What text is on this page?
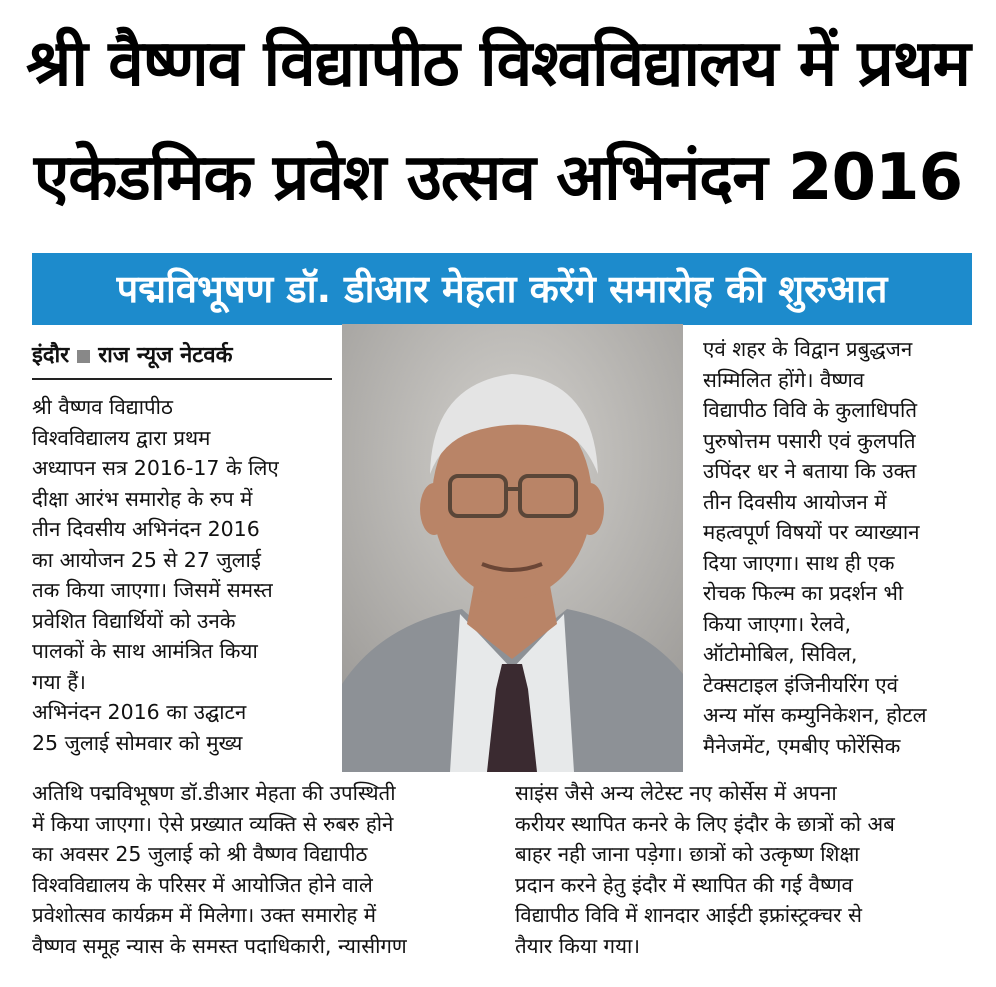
श्री वैष्णव विद्यापीठ विश्वविद्यालय में प्रथम
एकेडमिक प्रवेश उत्सव अभिनंदन 2016
पद्मविभूषण डॉ. डीआर मेहता करेंगे समारोह की शुरुआत
इंदौर राज न्यूज नेटवर्क

श्री वैष्णव विद्यापीठ

विश्वविद्यालय द्वारा प्रथम

अध्यापन सत्र 2016-17 के लिए

दीक्षा आरंभ समारोह के रुप में

तीन दिवसीय अभिनंदन 2016

का आयोजन 25 से 27 जुलाई

तक किया जाएगा। जिसमें समस्त

प्रवेशित विद्यार्थियों को उनके

पालकों के साथ आमंत्रित किया

गया हैं।

अभिनंदन 2016 का उद्घाटन

25 जुलाई सोमवार को मुख्य

अतिथि पद्मविभूषण डॉ.डीआर मेहता की उपस्थिती

में किया जाएगा। ऐसे प्रख्यात व्यक्ति से रुबरु होने

का अवसर 25 जुलाई को श्री वैष्णव विद्यापीठ

विश्वविद्यालय के परिसर में आयोजित होने वाले

प्रवेशोत्सव कार्यक्रम में मिलेगा। उक्त समारोह में

वैष्णव समूह न्यास के समस्त पदाधिकारी, न्यासीगण

एवं शहर के विद्वान प्रबुद्धजन

सम्मिलित होंगे। वैष्णव

विद्यापीठ विवि के कुलाधिपति

पुरुषोत्तम पसारी एवं कुलपति

उपिंदर धर ने बताया कि उक्त

तीन दिवसीय आयोजन में

महत्वपूर्ण विषयों पर व्याख्यान

दिया जाएगा। साथ ही एक

रोचक फिल्म का प्रदर्शन भी

किया जाएगा। रेलवे,

ऑटोमोबिल, सिविल,

टेक्सटाइल इंजिनीयरिंग एवं

अन्य मॉस कम्युनिकेशन, होटल

मैनेजमेंट, एमबीए फोरेंसिक

साइंस जैसे अन्य लेटेस्ट नए कोर्सेस में अपना

करीयर स्थापित कनरे के लिए इंदौर के छात्रों को अब

बाहर नही जाना पड़ेगा। छात्रों को उत्कृष्ण शिक्षा

प्रदान करने हेतु इंदौर में स्थापित की गई वैष्णव

विद्यापीठ विवि में शानदार आईटी इफ्रांस्ट्रक्चर से

तैयार किया गया।
